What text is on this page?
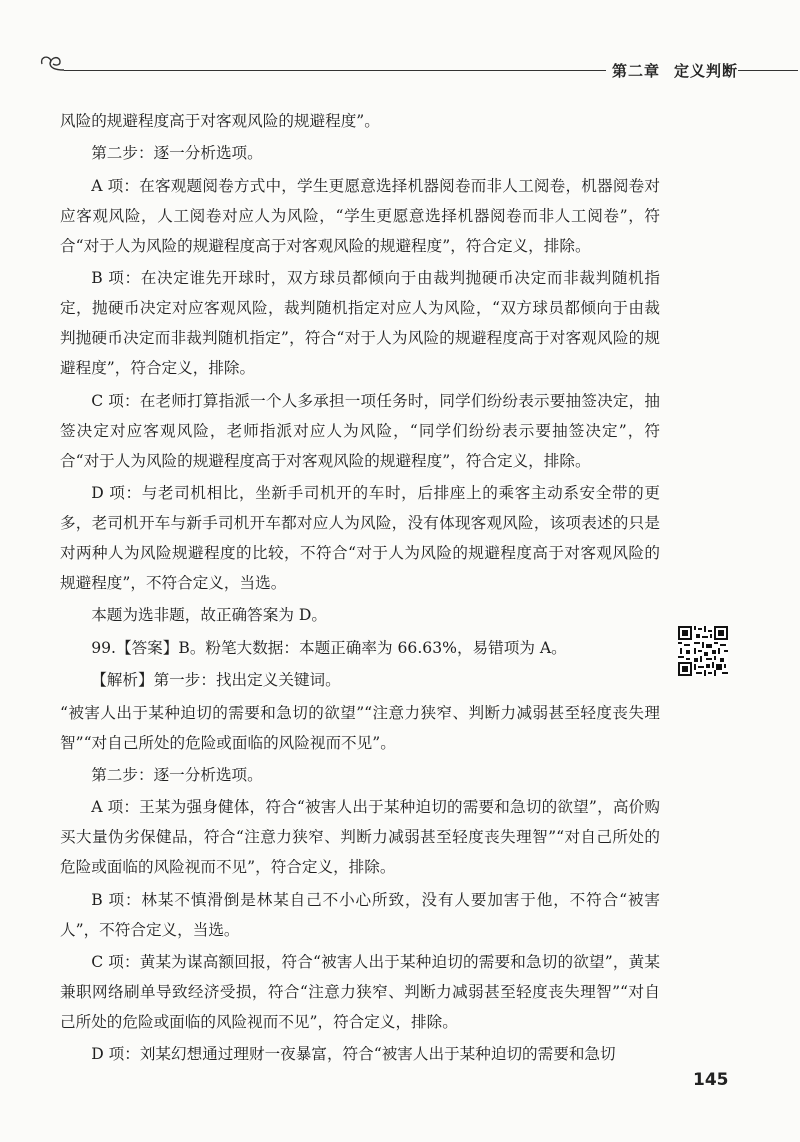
第二章 定义判断

风险的规避程度高于对客观风险的规避程度”。

第二步：逐一分析选项。

A 项：在客观题阅卷方式中，学生更愿意选择机器阅卷而非人工阅卷，机器阅卷对应客观风险，人工阅卷对应人为风险，“学生更愿意选择机器阅卷而非人工阅卷”，符合“对于人为风险的规避程度高于对客观风险的规避程度”，符合定义，排除。

B 项：在决定谁先开球时，双方球员都倾向于由裁判抛硬币决定而非裁判随机指定，抛硬币决定对应客观风险，裁判随机指定对应人为风险，“双方球员都倾向于由裁判抛硬币决定而非裁判随机指定”，符合“对于人为风险的规避程度高于对客观风险的规避程度”，符合定义，排除。

C 项：在老师打算指派一个人多承担一项任务时，同学们纷纷表示要抽签决定，抽签决定对应客观风险，老师指派对应人为风险，“同学们纷纷表示要抽签决定”，符合“对于人为风险的规避程度高于对客观风险的规避程度”，符合定义，排除。

D 项：与老司机相比，坐新手司机开的车时，后排座上的乘客主动系安全带的更多，老司机开车与新手司机开车都对应人为风险，没有体现客观风险，该项表述的只是对两种人为风险规避程度的比较，不符合“对于人为风险的规避程度高于对客观风险的规避程度”，不符合定义，当选。

本题为选非题，故正确答案为 D。

99.【答案】B。粉笔大数据：本题正确率为 66.63%，易错项为 A。

【解析】第一步：找出定义关键词。

“被害人出于某种迫切的需要和急切的欲望”“注意力狭窄、判断力减弱甚至轻度丧失理智”“对自己所处的危险或面临的风险视而不见”。

第二步：逐一分析选项。

A 项：王某为强身健体，符合“被害人出于某种迫切的需要和急切的欲望”，高价购买大量伪劣保健品，符合“注意力狭窄、判断力减弱甚至轻度丧失理智”“对自己所处的危险或面临的风险视而不见”，符合定义，排除。

B 项：林某不慎滑倒是林某自己不小心所致，没有人要加害于他，不符合“被害人”，不符合定义，当选。

C 项：黄某为谋高额回报，符合“被害人出于某种迫切的需要和急切的欲望”，黄某兼职网络刷单导致经济受损，符合“注意力狭窄、判断力减弱甚至轻度丧失理智”“对自己所处的危险或面临的风险视而不见”，符合定义，排除。

D 项：刘某幻想通过理财一夜暴富，符合“被害人出于某种迫切的需要和急切

145
